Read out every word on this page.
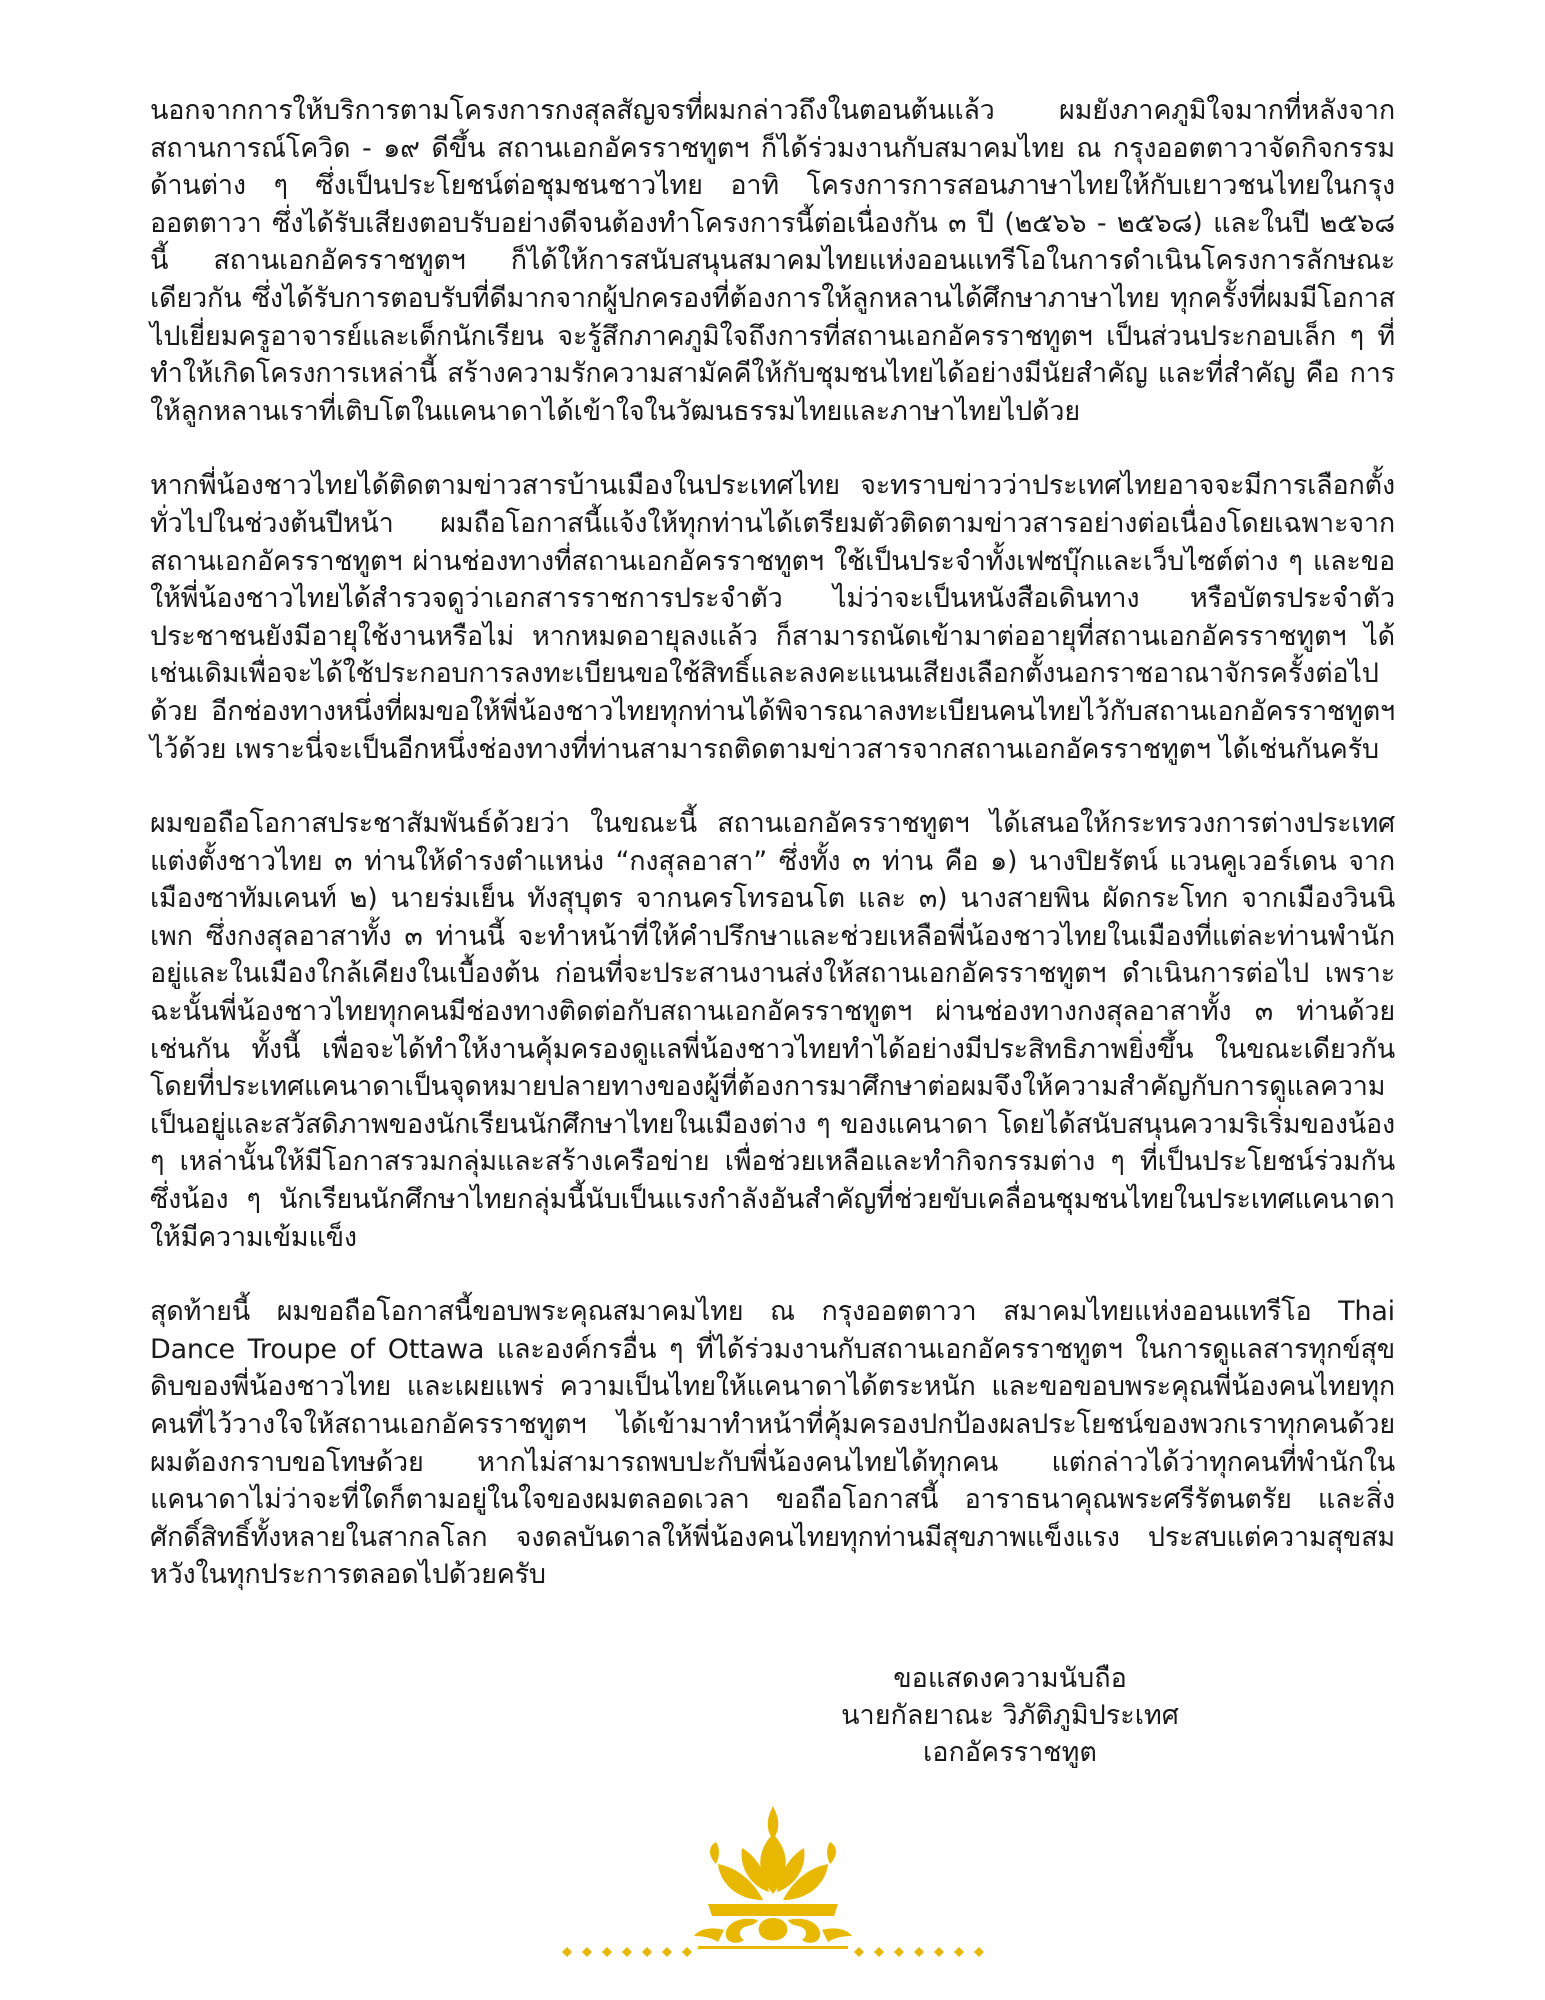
นอกจากการให้บริการตามโครงการกงสุลสัญจรที่ผมกล่าวถึงในตอนต้นแล้ว ผมยังภาคภูมิใจมากที่หลังจากสถานการณ์โควิด - ๑๙ ดีขึ้น สถานเอกอัครราชทูตฯ ก็ได้ร่วมงานกับสมาคมไทย ณ กรุงออตตาวาจัดกิจกรรมด้านต่าง ๆ ซึ่งเป็นประโยชน์ต่อชุมชนชาวไทย อาทิ โครงการการสอนภาษาไทยให้กับเยาวชนไทยในกรุงออตตาวา ซึ่งได้รับเสียงตอบรับอย่างดีจนต้องทำโครงการนี้ต่อเนื่องกัน ๓ ปี (๒๕๖๖ - ๒๕๖๘) และในปี ๒๕๖๘ นี้ สถานเอกอัครราชทูตฯ ก็ได้ให้การสนับสนุนสมาคมไทยแห่งออนแทรีโอในการดำเนินโครงการลักษณะเดียวกัน ซึ่งได้รับการตอบรับที่ดีมากจากผู้ปกครองที่ต้องการให้ลูกหลานได้ศึกษาภาษาไทย ทุกครั้งที่ผมมีโอกาสไปเยี่ยมครูอาจารย์และเด็กนักเรียน จะรู้สึกภาคภูมิใจถึงการที่สถานเอกอัครราชทูตฯ เป็นส่วนประกอบเล็ก ๆ ที่ทำให้เกิดโครงการเหล่านี้ สร้างความรักความสามัคคีให้กับชุมชนไทยได้อย่างมีนัยสำคัญ และที่สำคัญ คือ การให้ลูกหลานเราที่เติบโตในแคนาดาได้เข้าใจในวัฒนธรรมไทยและภาษาไทยไปด้วย

หากพี่น้องชาวไทยได้ติดตามข่าวสารบ้านเมืองในประเทศไทย จะทราบข่าวว่าประเทศไทยอาจจะมีการเลือกตั้งทั่วไปในช่วงต้นปีหน้า ผมถือโอกาสนี้แจ้งให้ทุกท่านได้เตรียมตัวติดตามข่าวสารอย่างต่อเนื่องโดยเฉพาะจากสถานเอกอัครราชทูตฯ ผ่านช่องทางที่สถานเอกอัครราชทูตฯ ใช้เป็นประจำทั้งเฟซบุ๊กและเว็บไซต์ต่าง ๆ และขอให้พี่น้องชาวไทยได้สำรวจดูว่าเอกสารราชการประจำตัว ไม่ว่าจะเป็นหนังสือเดินทาง หรือบัตรประจำตัวประชาชนยังมีอายุใช้งานหรือไม่ หากหมดอายุลงแล้ว ก็สามารถนัดเข้ามาต่ออายุที่สถานเอกอัครราชทูตฯ ได้เช่นเดิมเพื่อจะได้ใช้ประกอบการลงทะเบียนขอใช้สิทธิ์และลงคะแนนเสียงเลือกตั้งนอกราชอาณาจักรครั้งต่อไปด้วย อีกช่องทางหนึ่งที่ผมขอให้พี่น้องชาวไทยทุกท่านได้พิจารณาลงทะเบียนคนไทยไว้กับสถานเอกอัครราชทูตฯ ไว้ด้วย เพราะนี่จะเป็นอีกหนึ่งช่องทางที่ท่านสามารถติดตามข่าวสารจากสถานเอกอัครราชทูตฯ ได้เช่นกันครับ

ผมขอถือโอกาสประชาสัมพันธ์ด้วยว่า ในขณะนี้ สถานเอกอัครราชทูตฯ ได้เสนอให้กระทรวงการต่างประเทศแต่งตั้งชาวไทย ๓ ท่านให้ดำรงตำแหน่ง “กงสุลอาสา” ซึ่งทั้ง ๓ ท่าน คือ ๑) นางปิยรัตน์ แวนคูเวอร์เดน จากเมืองซาทัมเคนท์ ๒) นายร่มเย็น ทังสุบุตร จากนครโทรอนโต และ ๓) นางสายพิน ผัดกระโทก จากเมืองวินนิเพก ซึ่งกงสุลอาสาทั้ง ๓ ท่านนี้ จะทำหน้าที่ให้คำปรึกษาและช่วยเหลือพี่น้องชาวไทยในเมืองที่แต่ละท่านพำนักอยู่และในเมืองใกล้เคียงในเบื้องต้น ก่อนที่จะประสานงานส่งให้สถานเอกอัครราชทูตฯ ดำเนินการต่อไป เพราะฉะนั้นพี่น้องชาวไทยทุกคนมีช่องทางติดต่อกับสถานเอกอัครราชทูตฯ ผ่านช่องทางกงสุลอาสาทั้ง ๓ ท่านด้วยเช่นกัน ทั้งนี้ เพื่อจะได้ทำให้งานคุ้มครองดูแลพี่น้องชาวไทยทำได้อย่างมีประสิทธิภาพยิ่งขึ้น ในขณะเดียวกัน โดยที่ประเทศแคนาดาเป็นจุดหมายปลายทางของผู้ที่ต้องการมาศึกษาต่อผมจึงให้ความสำคัญกับการดูแลความเป็นอยู่และสวัสดิภาพของนักเรียนนักศึกษาไทยในเมืองต่าง ๆ ของแคนาดา โดยได้สนับสนุนความริเริ่มของน้อง ๆ เหล่านั้นให้มีโอกาสรวมกลุ่มและสร้างเครือข่าย เพื่อช่วยเหลือและทำกิจกรรมต่าง ๆ ที่เป็นประโยชน์ร่วมกัน ซึ่งน้อง ๆ นักเรียนนักศึกษาไทยกลุ่มนี้นับเป็นแรงกำลังอันสำคัญที่ช่วยขับเคลื่อนชุมชนไทยในประเทศแคนาดาให้มีความเข้มแข็ง

สุดท้ายนี้ ผมขอถือโอกาสนี้ขอบพระคุณสมาคมไทย ณ กรุงออตตาวา สมาคมไทยแห่งออนแทรีโอ Thai Dance Troupe of Ottawa และองค์กรอื่น ๆ ที่ได้ร่วมงานกับสถานเอกอัครราชทูตฯ ในการดูแลสารทุกข์สุขดิบของพี่น้องชาวไทย และเผยแพร่ ความเป็นไทยให้แคนาดาได้ตระหนัก และขอขอบพระคุณพี่น้องคนไทยทุกคนที่ไว้วางใจให้สถานเอกอัครราชทูตฯ ได้เข้ามาทำหน้าที่คุ้มครองปกป้องผลประโยชน์ของพวกเราทุกคนด้วย ผมต้องกราบขอโทษด้วย หากไม่สามารถพบปะกับพี่น้องคนไทยได้ทุกคน แต่กล่าวได้ว่าทุกคนที่พำนักในแคนาดาไม่ว่าจะที่ใดก็ตามอยู่ในใจของผมตลอดเวลา ขอถือโอกาสนี้ อาราธนาคุณพระศรีรัตนตรัย และสิ่งศักดิ์สิทธิ์ทั้งหลายในสากลโลก จงดลบันดาลให้พี่น้องคนไทยทุกท่านมีสุขภาพแข็งแรง ประสบแต่ความสุขสมหวังในทุกประการตลอดไปด้วยครับ

ขอแสดงความนับถือ
นายกัลยาณะ วิภัติภูมิประเทศ
เอกอัครราชทูต
